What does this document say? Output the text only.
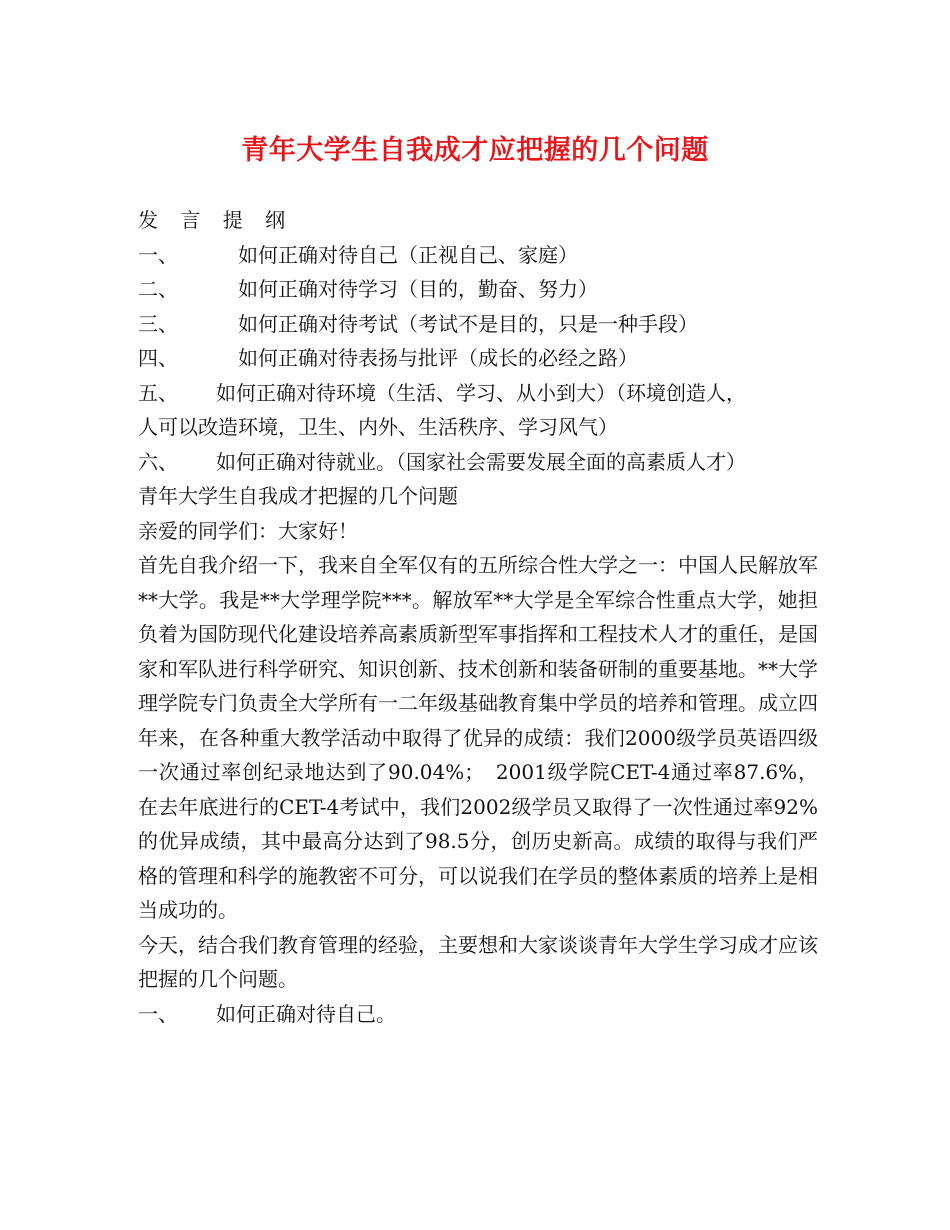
青年大学生自我成才应把握的几个问题
发 言 提 纲
一、	如何正确对待自己（正视自己、家庭）
二、	如何正确对待学习（目的，勤奋、努力）
三、	如何正确对待考试（考试不是目的，只是一种手段）
四、	如何正确对待表扬与批评（成长的必经之路）
五、 如何正确对待环境（生活、学习、从小到大）（环境创造人，
人可以改造环境，卫生、内外、生活秩序、学习风气）
六、 如何正确对待就业。（国家社会需要发展全面的高素质人才）
青年大学生自我成才把握的几个问题
亲爱的同学们：大家好！

首先自我介绍一下，我来自全军仅有的五所综合性大学之一：中国人民解放军**大学。我是**大学理学院***。解放军**大学是全军综合性重点大学，她担负着为国防现代化建设培养高素质新型军事指挥和工程技术人才的重任，是国家和军队进行科学研究、知识创新、技术创新和装备研制的重要基地。**大学理学院专门负责全大学所有一二年级基础教育集中学员的培养和管理。成立四年来，在各种重大教学活动中取得了优异的成绩：我们2000级学员英语四级一次通过率创纪录地达到了90.04%；　2001级学院CET-4通过率87.6%，在去年底进行的CET-4考试中，我们2002级学员又取得了一次性通过率92%的优异成绩，其中最高分达到了98.5分，创历史新高。成绩的取得与我们严格的管理和科学的施教密不可分，可以说我们在学员的整体素质的培养上是相当成功的。

今天，结合我们教育管理的经验，主要想和大家谈谈青年大学生学习成才应该把握的几个问题。

一、 如何正确对待自己。
